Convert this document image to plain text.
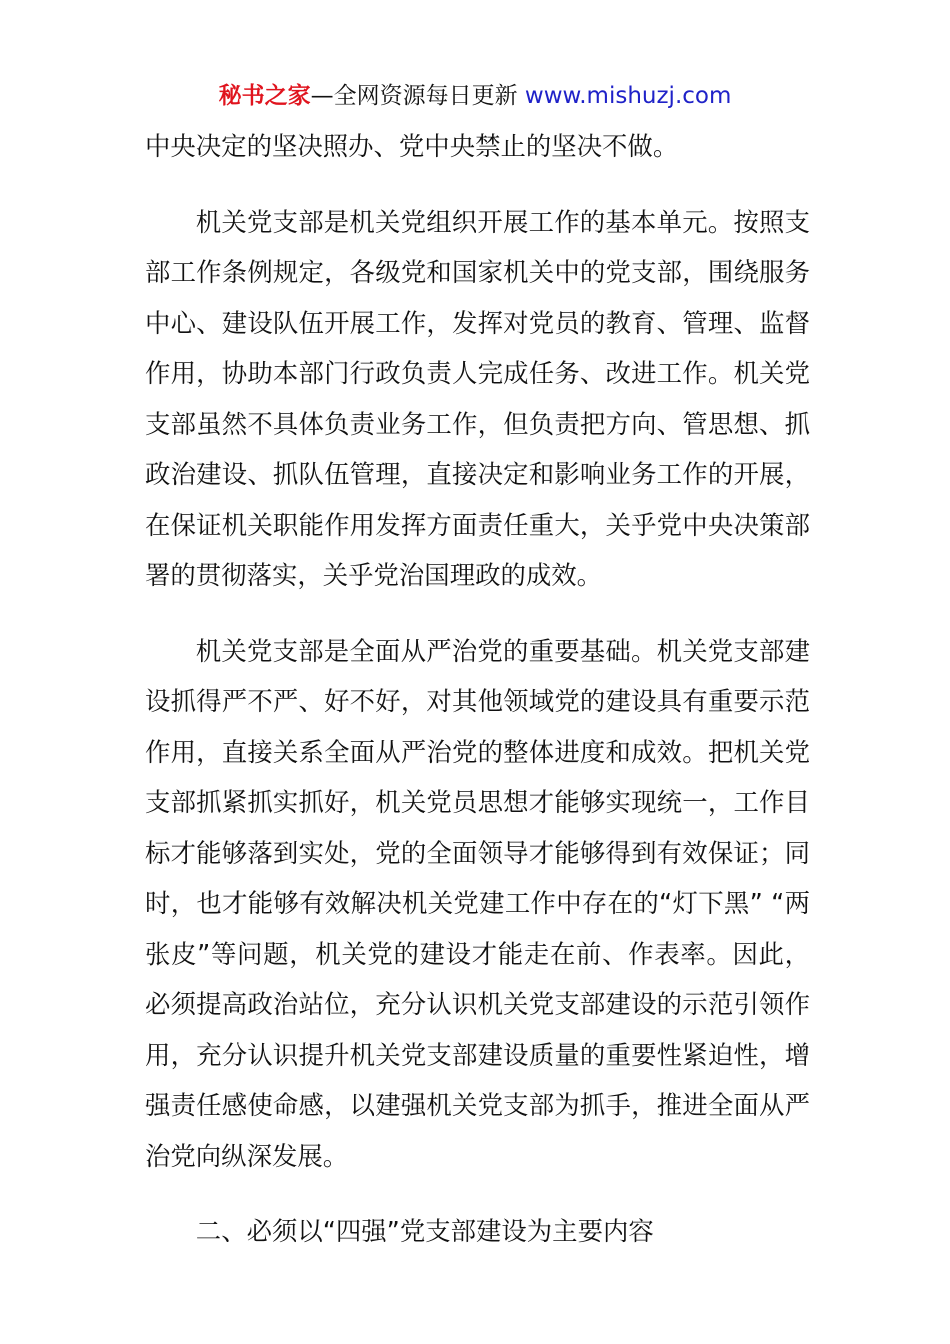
秘书之家—全网资源每日更新 www.mishuzj.com

中央决定的坚决照办、党中央禁止的坚决不做。

机关党支部是机关党组织开展工作的基本单元。按照支部工作条例规定，各级党和国家机关中的党支部，围绕服务中心、建设队伍开展工作，发挥对党员的教育、管理、监督作用，协助本部门行政负责人完成任务、改进工作。机关党支部虽然不具体负责业务工作，但负责把方向、管思想、抓政治建设、抓队伍管理，直接决定和影响业务工作的开展，在保证机关职能作用发挥方面责任重大，关乎党中央决策部署的贯彻落实，关乎党治国理政的成效。

机关党支部是全面从严治党的重要基础。机关党支部建设抓得严不严、好不好，对其他领域党的建设具有重要示范作用，直接关系全面从严治党的整体进度和成效。把机关党支部抓紧抓实抓好，机关党员思想才能够实现统一，工作目标才能够落到实处，党的全面领导才能够得到有效保证；同时，也才能够有效解决机关党建工作中存在的“灯下黑” “两张皮”等问题，机关党的建设才能走在前、作表率。因此，必须提高政治站位，充分认识机关党支部建设的示范引领作用，充分认识提升机关党支部建设质量的重要性紧迫性，增强责任感使命感，以建强机关党支部为抓手，推进全面从严治党向纵深发展。

二、必须以“四强”党支部建设为主要内容
